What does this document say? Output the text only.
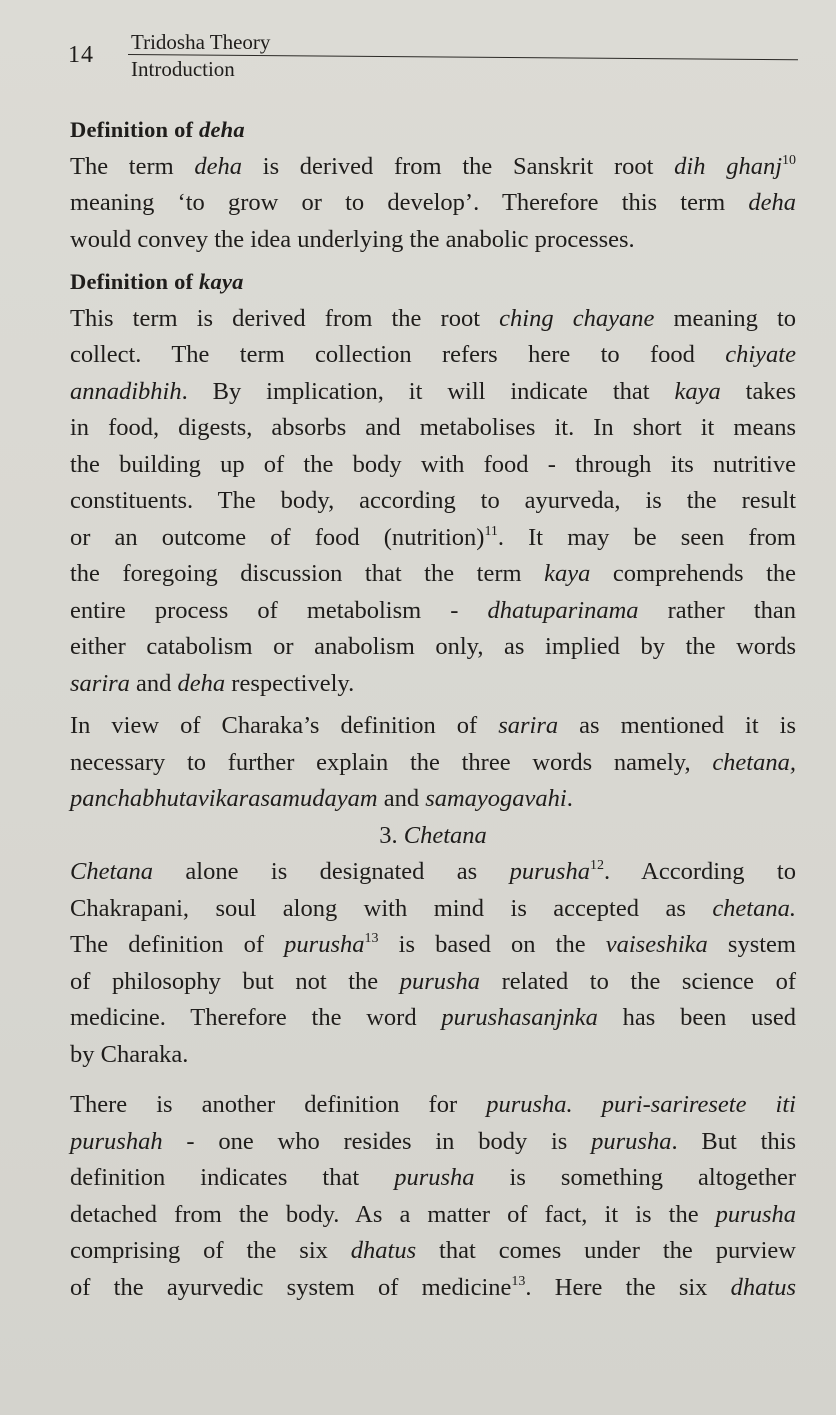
14 Tridosha Theory
Introduction
Definition of deha
The term deha is derived from the Sanskrit root dih ghanj$^{10}$
meaning ‘to grow or to develop’. Therefore this term deha
would convey the idea underlying the anabolic processes.
Definition of kaya
This term is derived from the root ching chayane meaning to
collect. The term collection refers here to food chiyate
annadibhih. By implication, it will indicate that kaya takes
in food, digests, absorbs and metabolises it. In short it means
the building up of the body with food - through its nutritive
constituents. The body, according to ayurveda, is the result
or an outcome of food (nutrition)$^{11}$. It may be seen from
the foregoing discussion that the term kaya comprehends the
entire process of metabolism - dhatuparinama rather than
either catabolism or anabolism only, as implied by the words
sarira and deha respectively.
In view of Charaka’s definition of sarira as mentioned it is
necessary to further explain the three words namely, chetana,
panchabhutavikarasamudayam and samayogavahi.
3. Chetana
Chetana alone is designated as purusha$^{12}$. According to
Chakrapani, soul along with mind is accepted as chetana.
The definition of purusha$^{13}$ is based on the vaiseshika system
of philosophy but not the purusha related to the science of
medicine. Therefore the word purushasanjnka has been used
by Charaka.
There is another definition for purusha. puri-sariresete iti
purushah - one who resides in body is purusha. But this
definition indicates that purusha is something altogether
detached from the body. As a matter of fact, it is the purusha
comprising of the six dhatus that comes under the purview
of the ayurvedic system of medicine$^{13}$. Here the six dhatus
